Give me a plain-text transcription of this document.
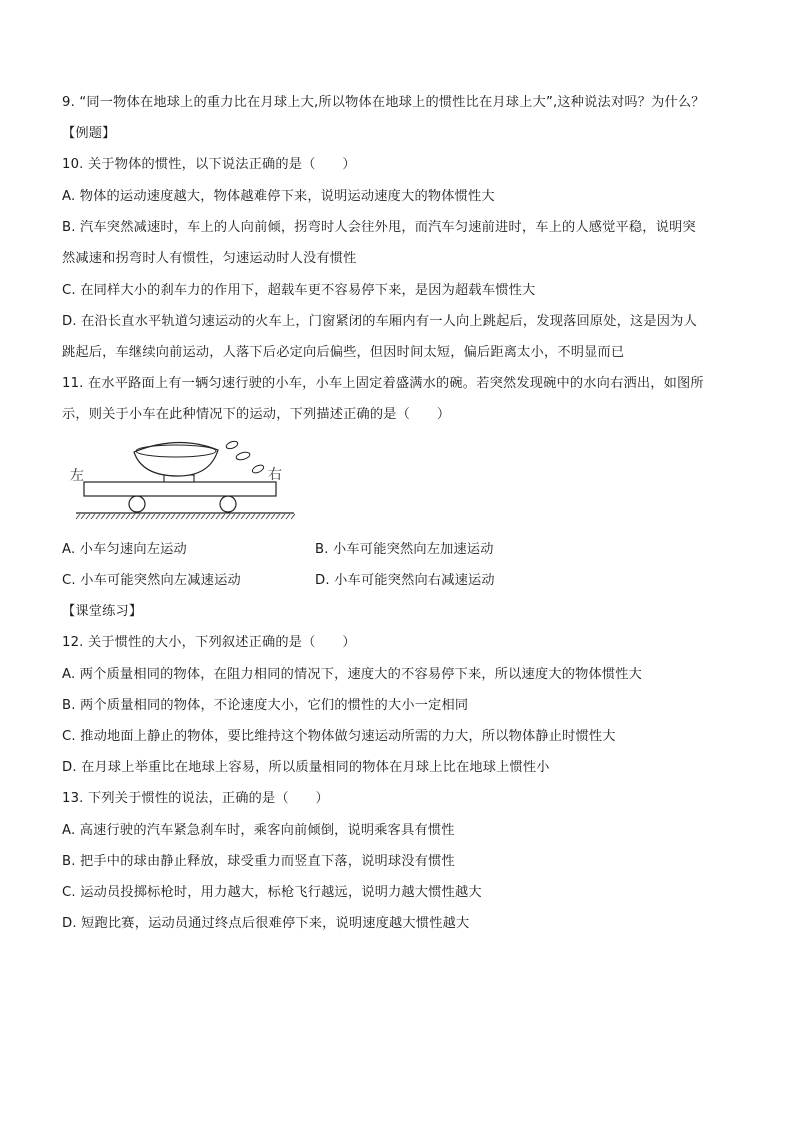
9. “同一物体在地球上的重力比在月球上大,所以物体在地球上的惯性比在月球上大”,这种说法对吗？为什么？
【例题】
10. 关于物体的惯性，以下说法正确的是（　　）
A. 物体的运动速度越大，物体越难停下来，说明运动速度大的物体惯性大
B. 汽车突然减速时，车上的人向前倾，拐弯时人会往外甩，而汽车匀速前进时，车上的人感觉平稳，说明突
然减速和拐弯时人有惯性，匀速运动时人没有惯性
C. 在同样大小的刹车力的作用下，超载车更不容易停下来，是因为超载车惯性大
D. 在沿长直水平轨道匀速运动的火车上，门窗紧闭的车厢内有一人向上跳起后，发现落回原处，这是因为人
跳起后，车继续向前运动，人落下后必定向后偏些，但因时间太短，偏后距离太小，不明显而已
11. 在水平路面上有一辆匀速行驶的小车，小车上固定着盛满水的碗。若突然发现碗中的水向右洒出，如图所
示，则关于小车在此种情况下的运动，下列描述正确的是（　　）
左	右
A. 小车匀速向左运动	B. 小车可能突然向左加速运动
C. 小车可能突然向左减速运动	D. 小车可能突然向右减速运动
【课堂练习】
12. 关于惯性的大小，下列叙述正确的是（　　）
A. 两个质量相同的物体，在阻力相同的情况下，速度大的不容易停下来，所以速度大的物体惯性大
B. 两个质量相同的物体，不论速度大小，它们的惯性的大小一定相同
C. 推动地面上静止的物体，要比维持这个物体做匀速运动所需的力大，所以物体静止时惯性大
D. 在月球上举重比在地球上容易，所以质量相同的物体在月球上比在地球上惯性小
13. 下列关于惯性的说法，正确的是（　　）
A. 高速行驶的汽车紧急刹车时，乘客向前倾倒，说明乘客具有惯性
B. 把手中的球由静止释放，球受重力而竖直下落，说明球没有惯性
C. 运动员投掷标枪时，用力越大，标枪飞行越远，说明力越大惯性越大
D. 短跑比赛，运动员通过终点后很难停下来，说明速度越大惯性越大
